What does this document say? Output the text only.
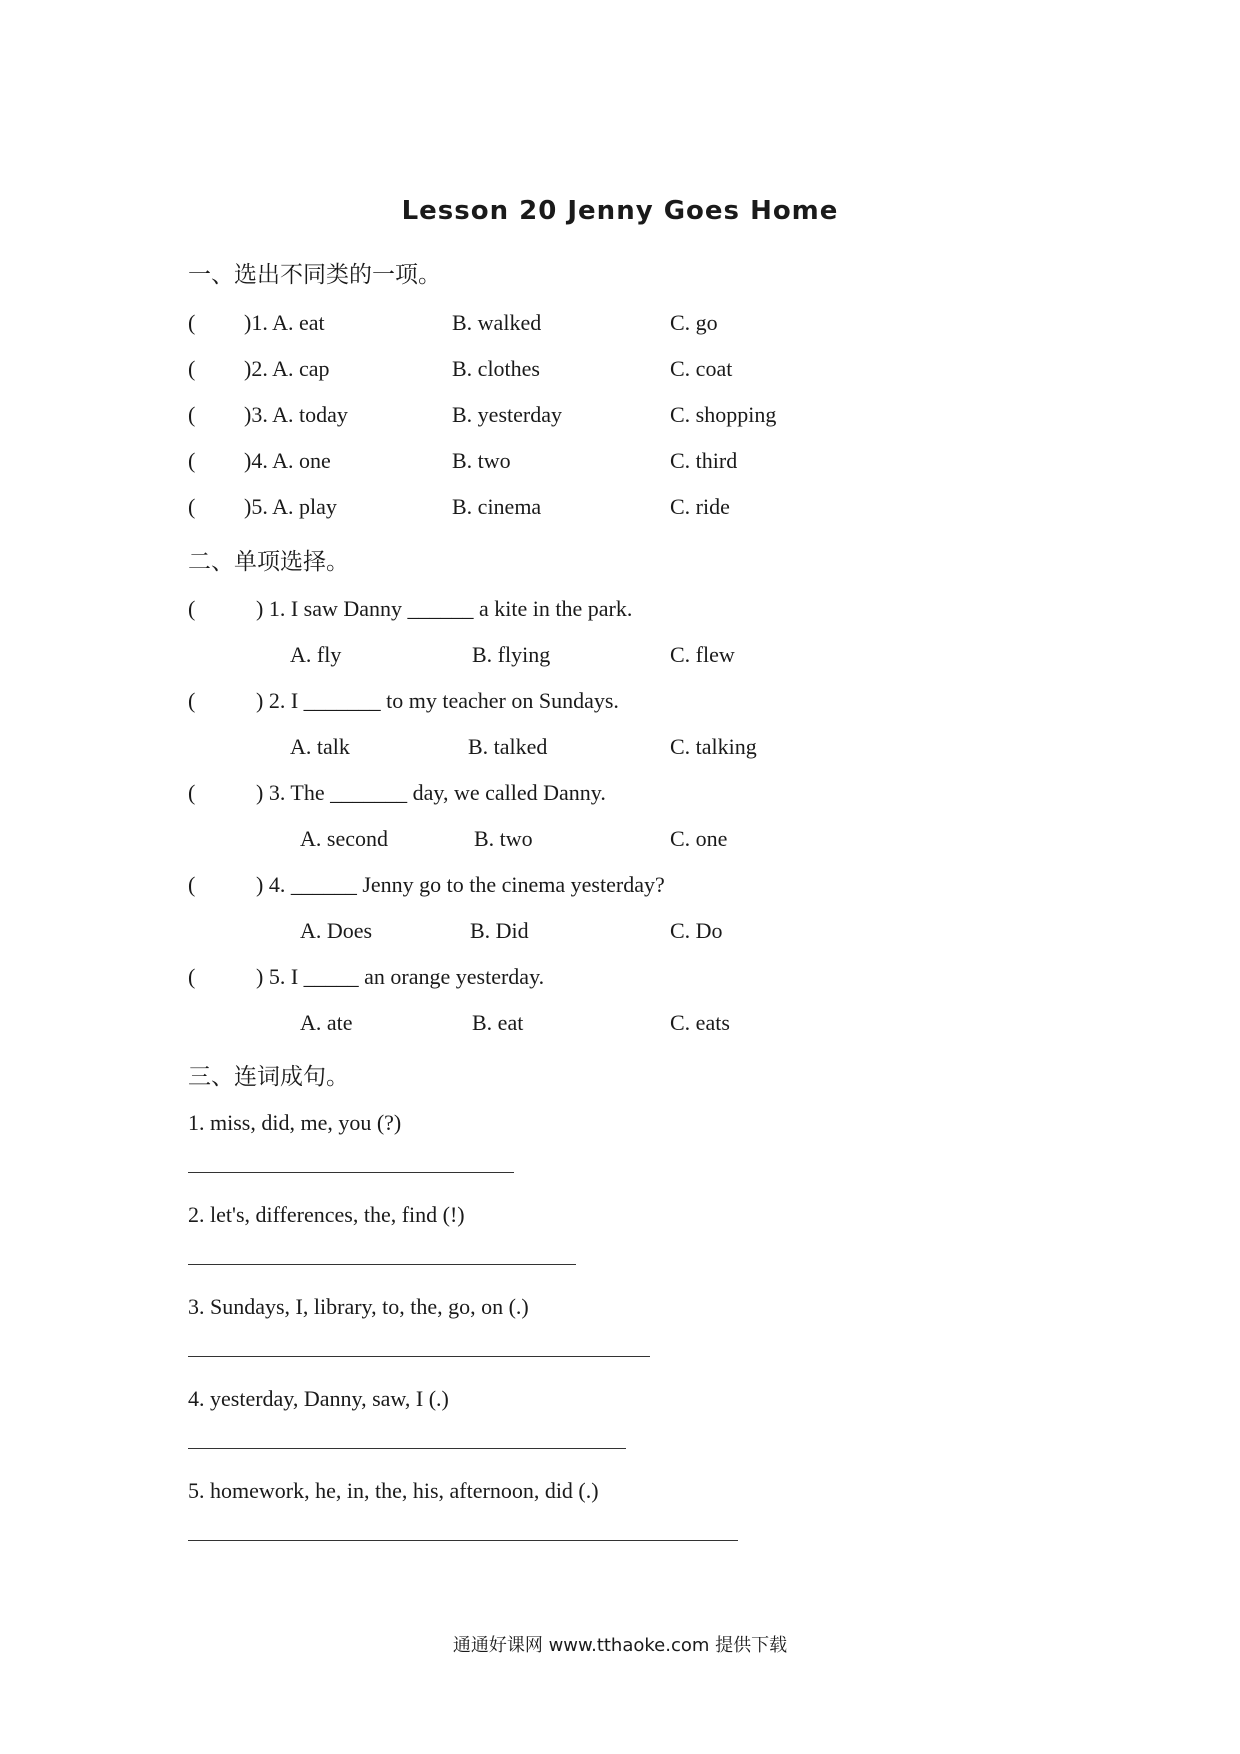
Lesson 20 Jenny Goes Home
一、选出不同类的一项。
( )1. A. eat	B. walked	C. go
( )2. A. cap	B. clothes	C. coat
( )3. A. today	B. yesterday	C. shopping
( )4. A. one	B. two	C. third
( )5. A. play	B. cinema	C. ride
二、单项选择。
(	) 1. I saw Danny ______ a kite in the park.
A. fly	B. flying	C. flew
(	) 2. I _______ to my teacher on Sundays.
A. talk	B. talked	C. talking
(	) 3. The _______ day, we called Danny.
A. second	B. two	C. one
(	) 4. ______ Jenny go to the cinema yesterday?
A. Does	B. Did	C. Do
(	) 5. I _____ an orange yesterday.
A. ate	B. eat	C. eats
三、连词成句。
1. miss, did, me, you (?)
2. let's, differences, the, find (!)
3. Sundays, I, library, to, the, go, on (.)
4. yesterday, Danny, saw, I (.)
5. homework, he, in, the, his, afternoon, did (.)
通通好课网 www.tthaoke.com 提供下载
